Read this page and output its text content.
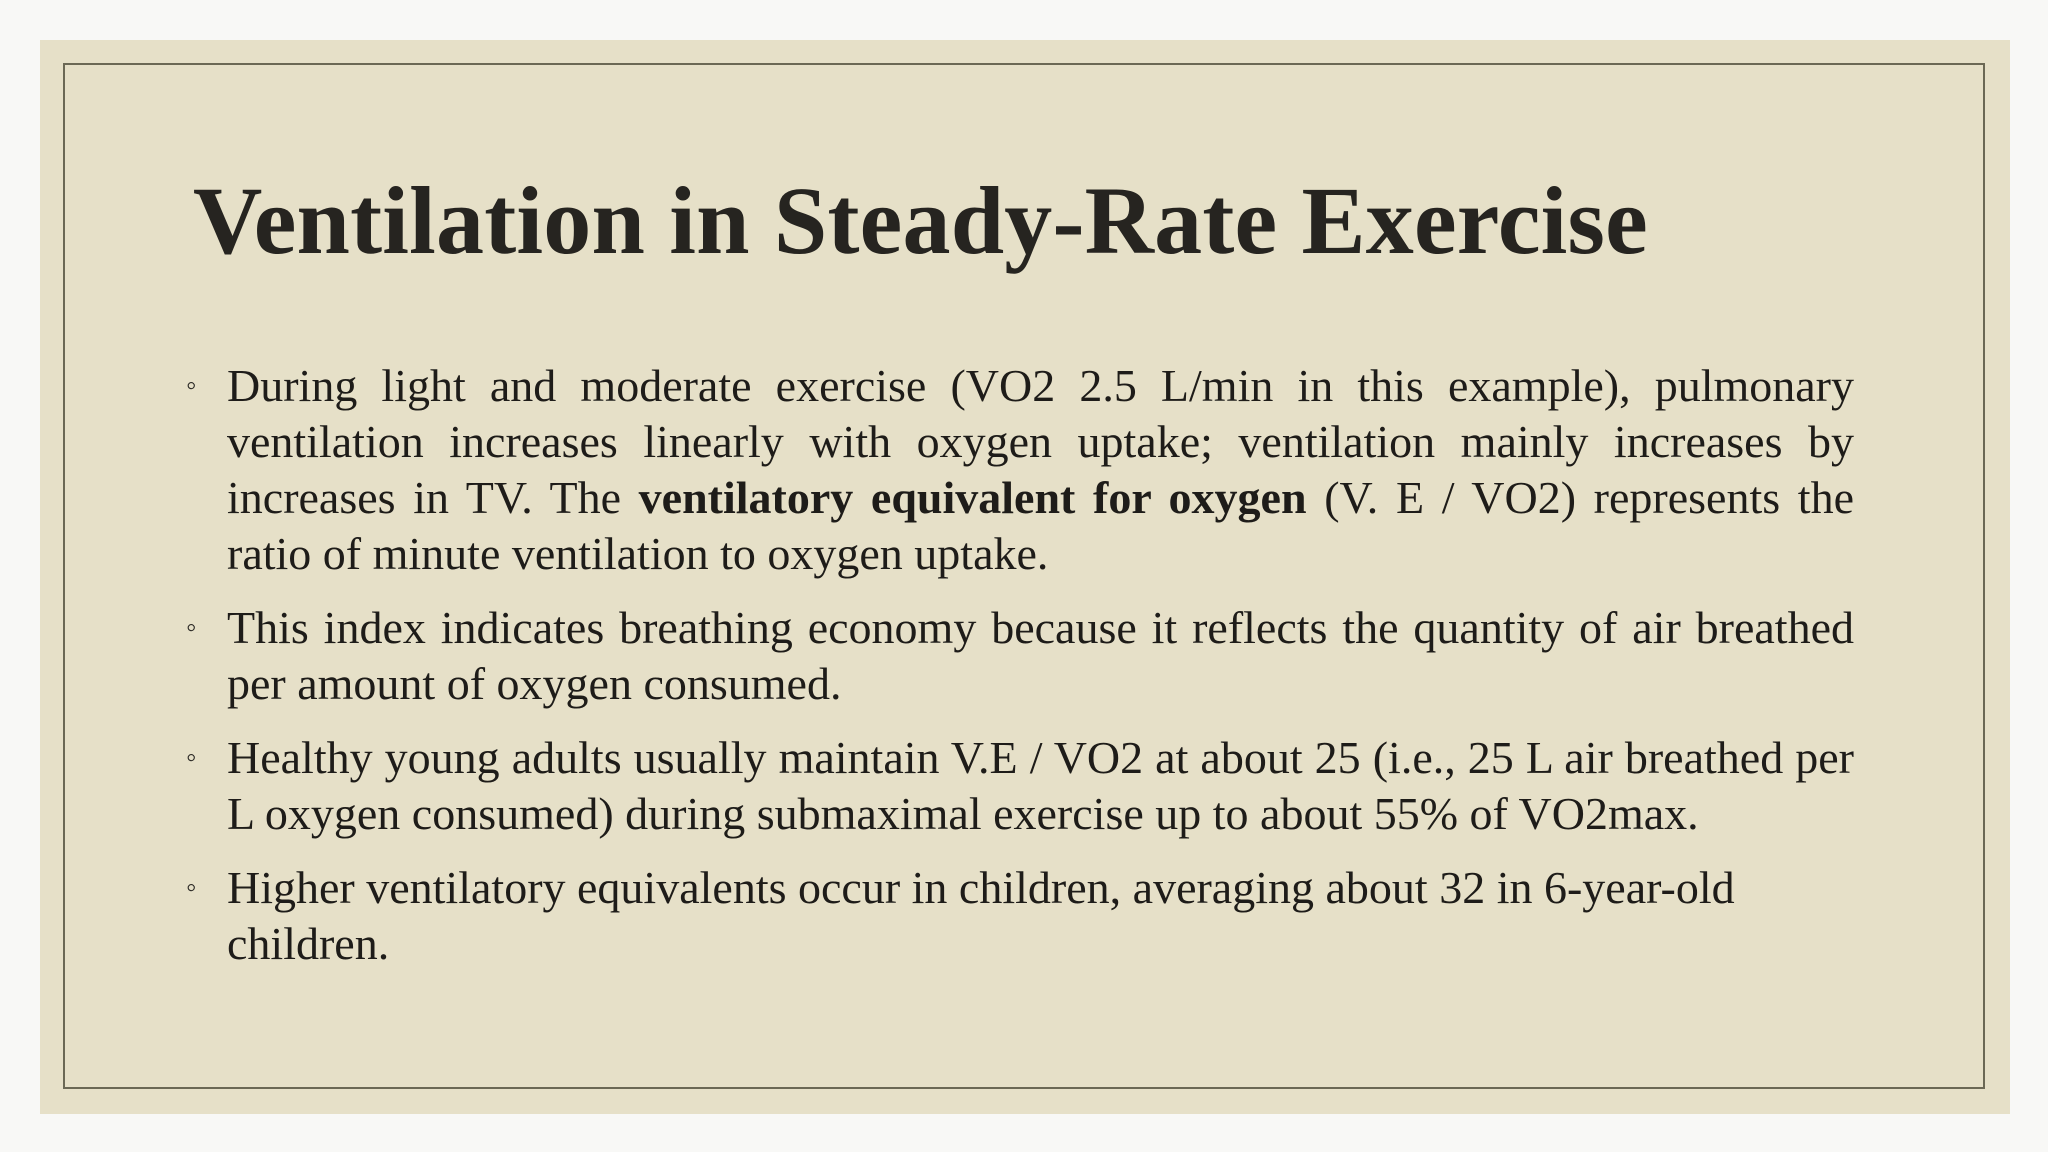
Ventilation in Steady-Rate Exercise
◦ During light and moderate exercise (VO2 2.5 L/min in this example), pulmonary ventilation increases linearly with oxygen uptake; ventilation mainly increases by increases in TV. The ventilatory equivalent for oxygen (V. E / VO2) represents the ratio of minute ventilation to oxygen uptake.
◦ This index indicates breathing economy because it reflects the quantity of air breathed per amount of oxygen consumed.
◦ Healthy young adults usually maintain V.E / VO2 at about 25 (i.e., 25 L air breathed per L oxygen consumed) during submaximal exercise up to about 55% of VO2max.
◦ Higher ventilatory equivalents occur in children, averaging about 32 in 6-year-old children.
